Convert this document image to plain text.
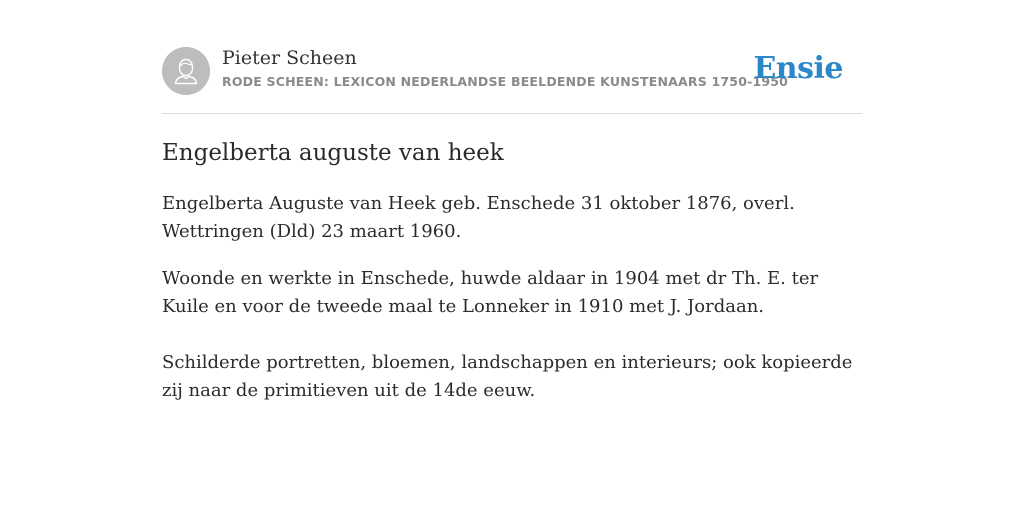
Pieter Scheen
RODE SCHEEN: LEXICON NEDERLANDSE BEELDENDE KUNSTENAARS 1750-1950
Ensie
Engelberta auguste van heek

Engelberta Auguste van Heek geb. Enschede 31 oktober 1876, overl. Wettringen (Dld) 23 maart 1960.

Woonde en werkte in Enschede, huwde aldaar in 1904 met dr Th. E. ter Kuile en voor de tweede maal te Lonneker in 1910 met J. Jordaan.

Schilderde portretten, bloemen, landschappen en interieurs; ook kopieerde zij naar de primitieven uit de 14de eeuw.
